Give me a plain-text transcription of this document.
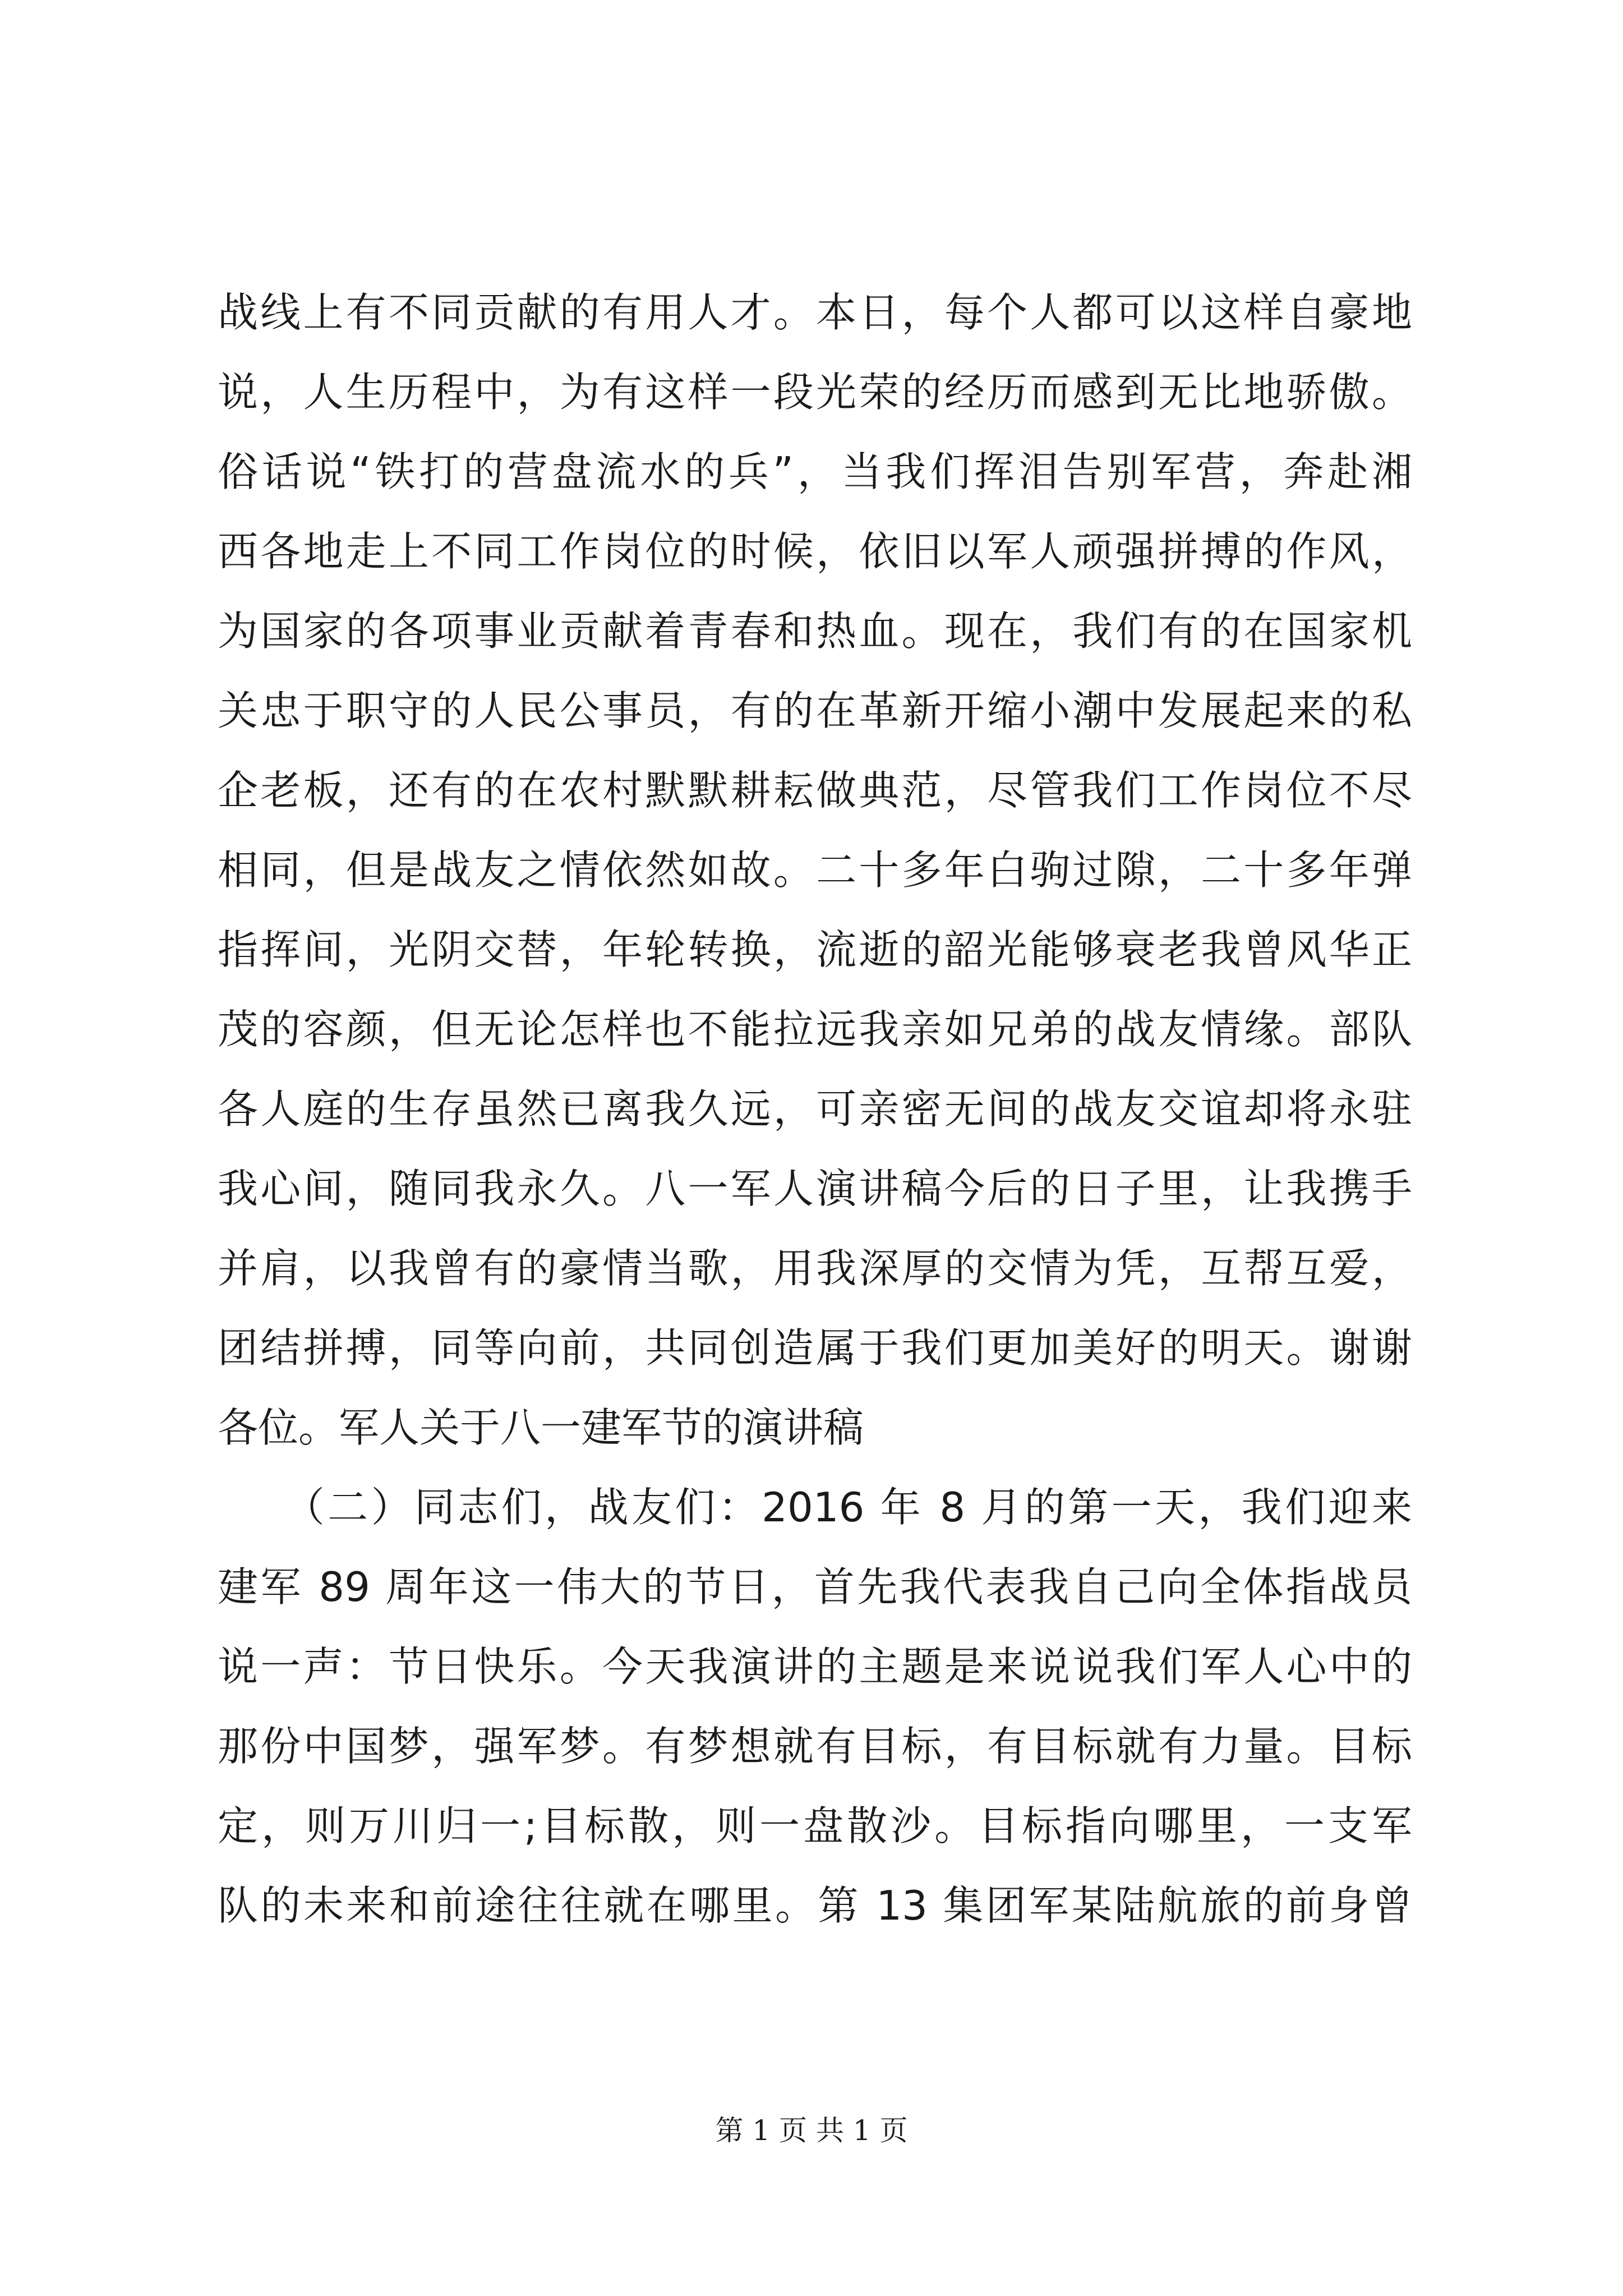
战线上有不同贡献的有用人才。本日，每个人都可以这样自豪地
说，人生历程中，为有这样一段光荣的经历而感到无比地骄傲。
俗话说“铁打的营盘流水的兵”，当我们挥泪告别军营，奔赴湘
西各地走上不同工作岗位的时候，依旧以军人顽强拼搏的作风，
为国家的各项事业贡献着青春和热血。现在，我们有的在国家机
关忠于职守的人民公事员，有的在革新开缩小潮中发展起来的私
企老板，还有的在农村默默耕耘做典范，尽管我们工作岗位不尽
相同，但是战友之情依然如故。二十多年白驹过隙，二十多年弹
指挥间，光阴交替，年轮转换，流逝的韶光能够衰老我曾风华正
茂的容颜，但无论怎样也不能拉远我亲如兄弟的战友情缘。部队
各人庭的生存虽然已离我久远，可亲密无间的战友交谊却将永驻
我心间，随同我永久。八一军人演讲稿今后的日子里，让我携手
并肩，以我曾有的豪情当歌，用我深厚的交情为凭，互帮互爱，
团结拼搏，同等向前，共同创造属于我们更加美好的明天。谢谢
各位。军人关于八一建军节的演讲稿
　　（二）同志们，战友们：2016 年 8 月的第一天，我们迎来
建军 89 周年这一伟大的节日，首先我代表我自己向全体指战员
说一声：节日快乐。今天我演讲的主题是来说说我们军人心中的
那份中国梦，强军梦。有梦想就有目标，有目标就有力量。目标
定，则万川归一;目标散，则一盘散沙。目标指向哪里，一支军
队的未来和前途往往就在哪里。第 13 集团军某陆航旅的前身曾
第 1 页 共 1 页
